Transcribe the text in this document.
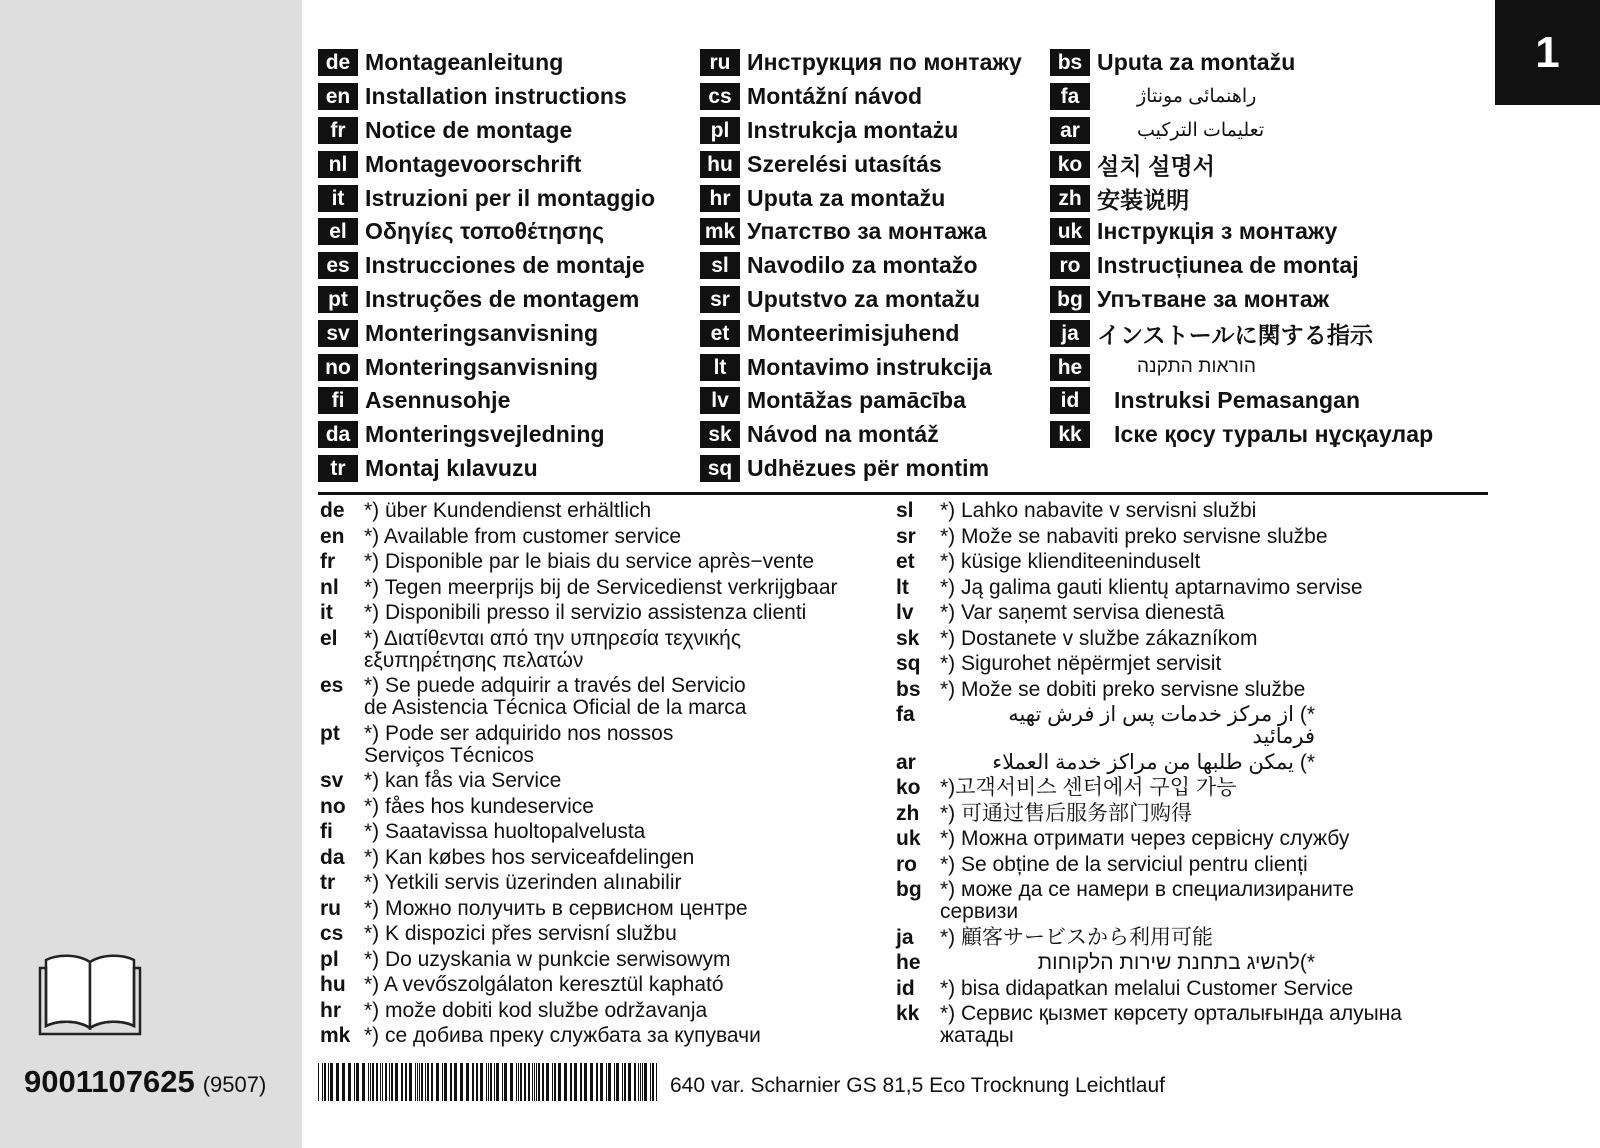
1
de Montageanleitung
en Installation instructions
fr Notice de montage
nl Montagevoorschrift
it Istruzioni per il montaggio
el Οδηγίες τοποθέτησης
es Instrucciones de montaje
pt Instruções de montagem
sv Monteringsanvisning
no Monteringsanvisning
fi Asennusohje
da Monteringsvejledning
tr Montaj kılavuzu
ru Инструкция по монтажу
cs Montážní návod
pl Instrukcja montażu
hu Szerelési utasítás
hr Uputa za montažu
mk Упатство за монтажа
sl Navodilo za montažo
sr Uputstvo za montažu
et Monteerimisjuhend
lt Montavimo instrukcija
lv Montāžas pamācība
sk Návod na montáž
sq Udhëzues për montim
bs Uputa za montažu
fa	راهنمائی مونتاژ
ar	تعليمات التركيب
ko 설치 설명서
zh 安装说明
uk Інструкція з монтажу
ro Instrucțiunea de montaj
bg Упътване за монтаж
ja インストールに関する指示
he	הוראות התקנה
id	Instruksi Pemasangan
kk	Іске қосу туралы нұсқаулар
de *) über Kundendienst erhältlich
en *) Available from customer service
fr	*) Disponible par le biais du service après−vente
nl	*) Tegen meerprijs bij de Servicedienst verkrijgbaar
it	*) Disponibili presso il servizio assistenza clienti
el	*) Διατίθενται από την υπηρεσία τεχνικής
εξυπηρέτησης πελατών
es *) Se puede adquirir a través del Servicio
de Asistencia Técnica Oficial de la marca
pt	*) Pode ser adquirido nos nossos
Serviços Técnicos
sv *) kan fås via Service
no *) fåes hos kundeservice
fi	*) Saatavissa huoltopalvelusta
da *) Kan købes hos serviceafdelingen
tr	*) Yetkili servis üzerinden alınabilir
ru	*) Можно получить в сервисном центре
cs *) K dispozici přes servisní službu
pl	*) Do uzyskania w punkcie serwisowym
hu *) A vevőszolgálaton keresztül kapható
hr	*) može dobiti kod službe održavanja
mk *) се добива преку службата за купувачи
sl	*) Lahko nabavite v servisni službi
sr	*) Može se nabaviti preko servisne službe
et	*) küsige klienditeeninduselt
lt	*) Ją galima gauti klientų aptarnavimo servise
lv	*) Var saņemt servisa dienestā
sk *) Dostanete v službe zákazníkom
sq *) Sigurohet nëpërmjet servisit
bs *) Može se dobiti preko servisne službe
fa	*) از مرکز خدمات پس از فرش تهیه فرمائید
ar	*) يمكن طلبها من مراكز خدمة العملاء
ko *)고객서비스 센터에서 구입 가능
zh *) 可通过售后服务部门购得
uk *) Можна отримати через сервісну службу
ro	*) Se obține de la serviciul pentru clienți
bg *) може да се намери в специализираните
сервизи
ja	*) 顧客サービスから利用可能
he	*)להשיג בתחנת שירות הלקוחות
id	*) bisa didapatkan melalui Customer Service
kk *) Сервис қызмет көрсету орталығында алуына
жатады
9001107625 (9507)	640 var. Scharnier GS 81,5 Eco Trocknung Leichtlauf
